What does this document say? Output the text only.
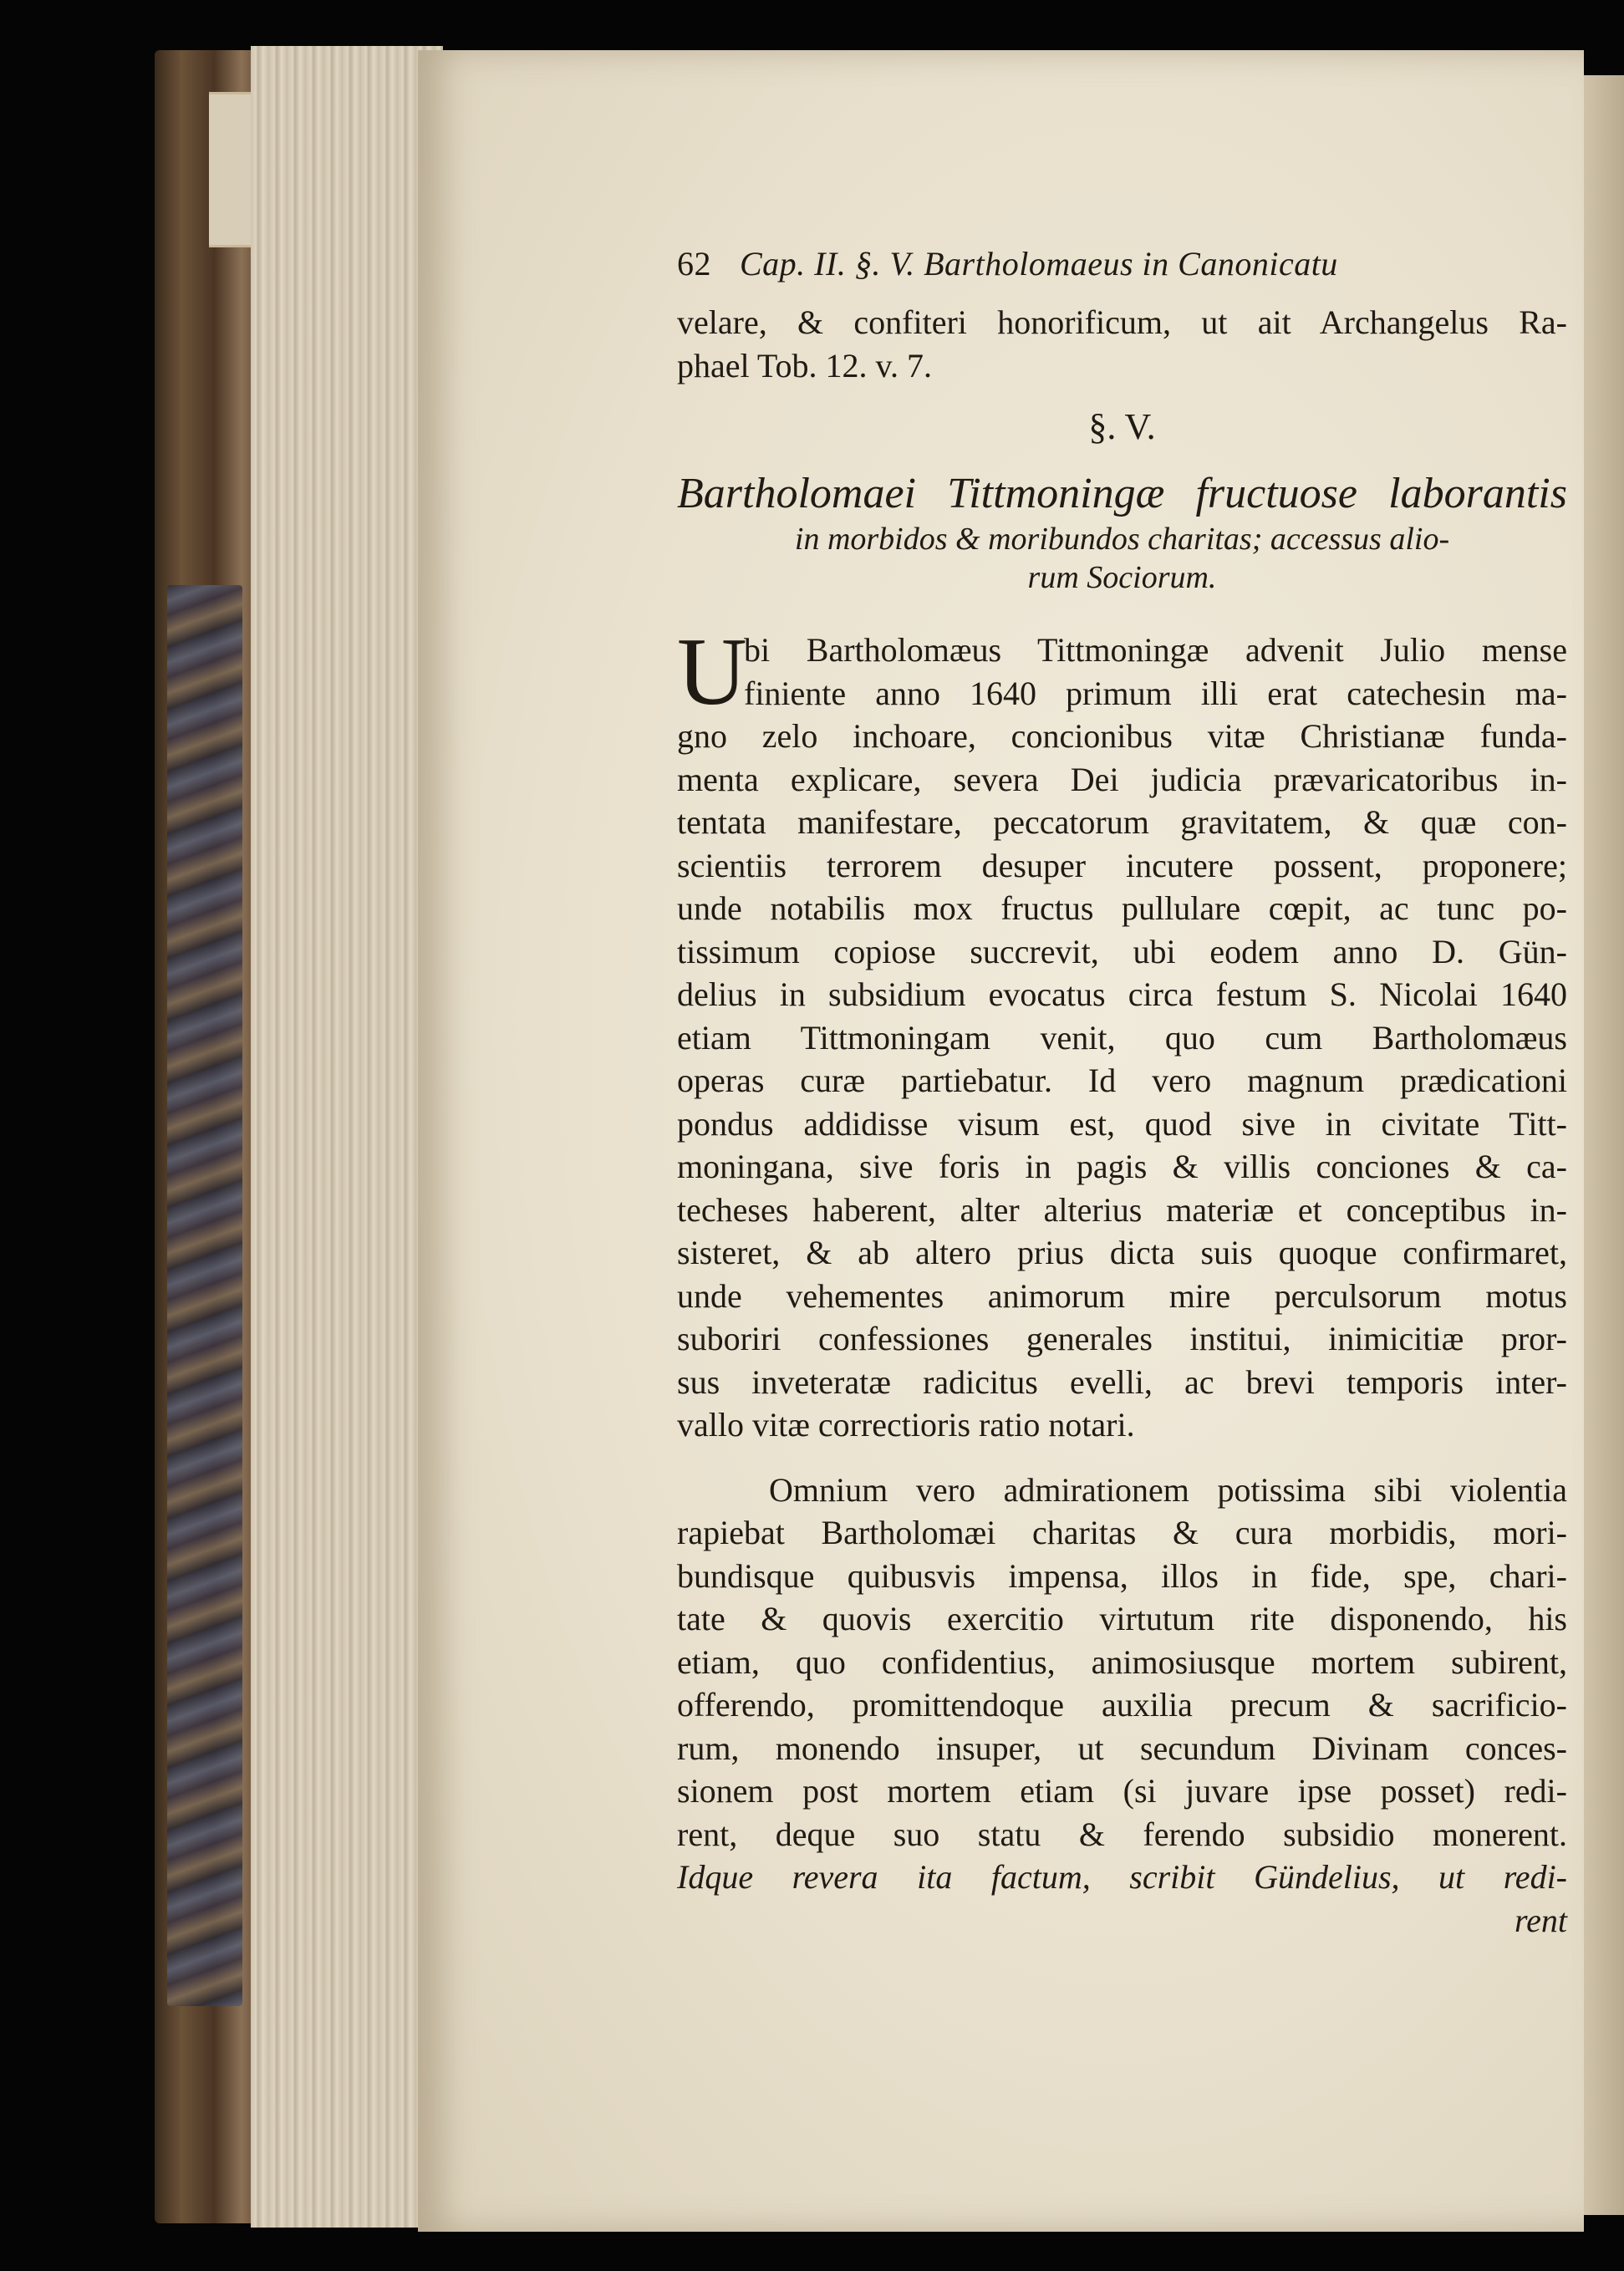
62 Cap. II. §. V. Bartholomaeus in Canonicatu
velare, & confiteri honorificum, ut ait Archangelus Ra-
phael Tob. 12. v. 7.
§. V.
Bartholomaei Tittmoningæ fructuose laborantis
in morbidos & moribundos charitas; accessus alio-
rum Sociorum.
U
bi Bartholomæus Tittmoningæ advenit Julio mense
finiente anno 1640 primum illi erat catechesin ma-
gno zelo inchoare, concionibus vitæ Christianæ funda-
menta explicare, severa Dei judicia prævaricatoribus in-
tentata manifestare, peccatorum gravitatem, & quæ con-
scientiis terrorem desuper incutere possent, proponere;
unde notabilis mox fructus pullulare cœpit, ac tunc po-
tissimum copiose succrevit, ubi eodem anno D. Gün-
delius in subsidium evocatus circa festum S. Nicolai 1640
etiam Tittmoningam venit, quo cum Bartholomæus
operas curæ partiebatur. Id vero magnum prædicationi
pondus addidisse visum est, quod sive in civitate Titt-
moningana, sive foris in pagis & villis conciones & ca-
techeses haberent, alter alterius materiæ et conceptibus in-
sisteret, & ab altero prius dicta suis quoque confirmaret,
unde vehementes animorum mire perculsorum motus
suboriri confessiones generales institui, inimicitiæ pror-
sus inveteratæ radicitus evelli, ac brevi temporis inter-
vallo vitæ correctioris ratio notari.
Omnium vero admirationem potissima sibi violentia
rapiebat Bartholomæi charitas & cura morbidis, mori-
bundisque quibusvis impensa, illos in fide, spe, chari-
tate & quovis exercitio virtutum rite disponendo, his
etiam, quo confidentius, animosiusque mortem subirent,
offerendo, promittendoque auxilia precum & sacrificio-
rum, monendo insuper, ut secundum Divinam conces-
sionem post mortem etiam (si juvare ipse posset) redi-
rent, deque suo statu & ferendo subsidio monerent.
Idque revera ita factum, scribit Gündelius, ut redi-
rent
